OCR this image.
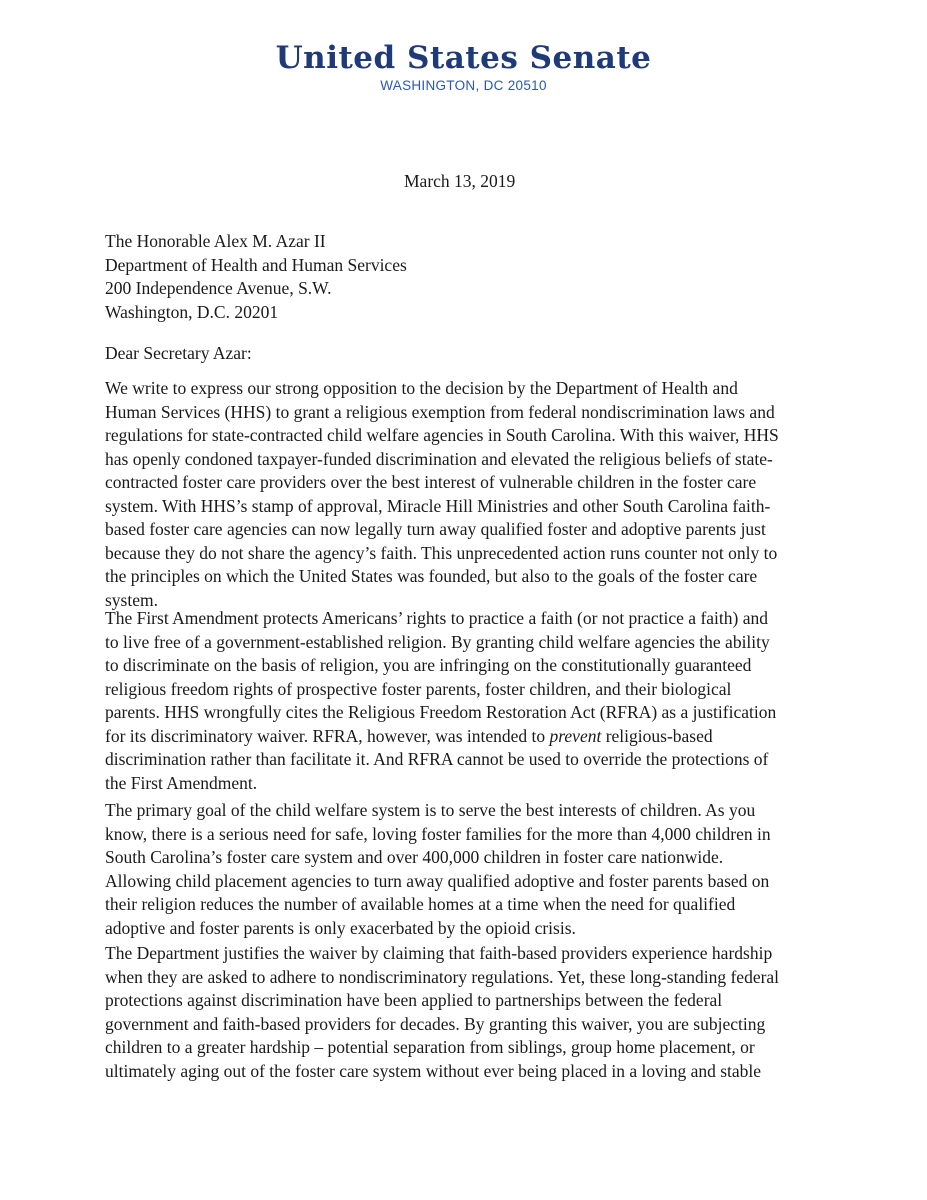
United States Senate
WASHINGTON, DC 20510
March 13, 2019
The Honorable Alex M. Azar II
Department of Health and Human Services
200 Independence Avenue, S.W.
Washington, D.C. 20201
Dear Secretary Azar:
We write to express our strong opposition to the decision by the Department of Health and
Human Services (HHS) to grant a religious exemption from federal nondiscrimination laws and
regulations for state-contracted child welfare agencies in South Carolina. With this waiver, HHS
has openly condoned taxpayer-funded discrimination and elevated the religious beliefs of state-
contracted foster care providers over the best interest of vulnerable children in the foster care
system. With HHS’s stamp of approval, Miracle Hill Ministries and other South Carolina faith-
based foster care agencies can now legally turn away qualified foster and adoptive parents just
because they do not share the agency’s faith. This unprecedented action runs counter not only to
the principles on which the United States was founded, but also to the goals of the foster care
system.
The First Amendment protects Americans’ rights to practice a faith (or not practice a faith) and
to live free of a government-established religion. By granting child welfare agencies the ability
to discriminate on the basis of religion, you are infringing on the constitutionally guaranteed
religious freedom rights of prospective foster parents, foster children, and their biological
parents. HHS wrongfully cites the Religious Freedom Restoration Act (RFRA) as a justification
for its discriminatory waiver. RFRA, however, was intended to prevent religious-based
discrimination rather than facilitate it. And RFRA cannot be used to override the protections of
the First Amendment.
The primary goal of the child welfare system is to serve the best interests of children. As you
know, there is a serious need for safe, loving foster families for the more than 4,000 children in
South Carolina’s foster care system and over 400,000 children in foster care nationwide.
Allowing child placement agencies to turn away qualified adoptive and foster parents based on
their religion reduces the number of available homes at a time when the need for qualified
adoptive and foster parents is only exacerbated by the opioid crisis.
The Department justifies the waiver by claiming that faith-based providers experience hardship
when they are asked to adhere to nondiscriminatory regulations. Yet, these long-standing federal
protections against discrimination have been applied to partnerships between the federal
government and faith-based providers for decades. By granting this waiver, you are subjecting
children to a greater hardship – potential separation from siblings, group home placement, or
ultimately aging out of the foster care system without ever being placed in a loving and stable
